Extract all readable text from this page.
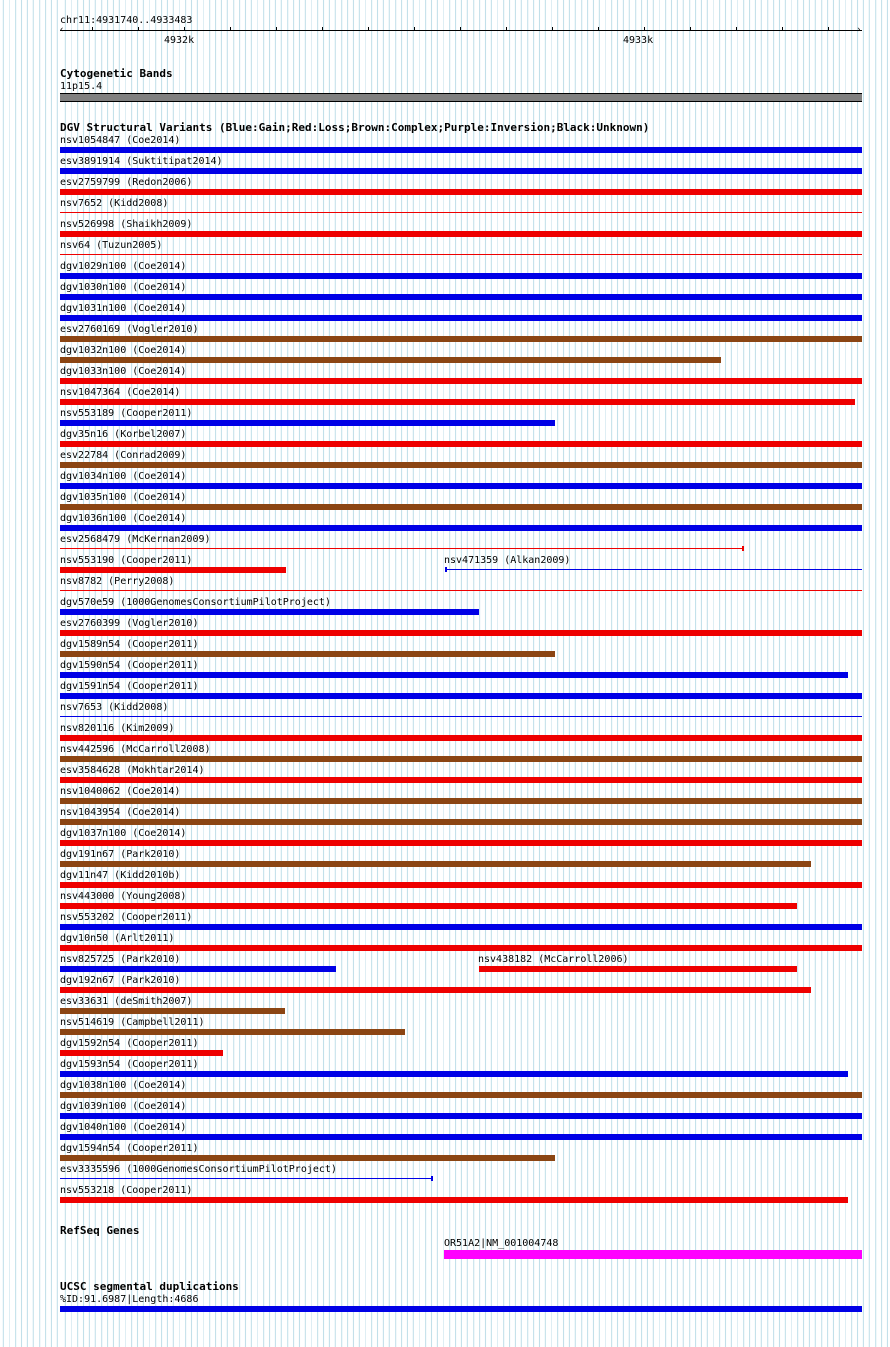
chr11:4931740..4933483
‹	›
4932k	4933k
Cytogenetic Bands
11p15.4
DGV Structural Variants (Blue:Gain;Red:Loss;Brown:Complex;Purple:Inversion;Black:Unknown)
nsv1054847 (Coe2014)
esv3891914 (Suktitipat2014)
esv2759799 (Redon2006)
nsv7652 (Kidd2008)
nsv526998 (Shaikh2009)
nsv64 (Tuzun2005)
dgv1029n100 (Coe2014)
dgv1030n100 (Coe2014)
dgv1031n100 (Coe2014)
esv2760169 (Vogler2010)
dgv1032n100 (Coe2014)
dgv1033n100 (Coe2014)
nsv1047364 (Coe2014)
nsv553189 (Cooper2011)
dgv35n16 (Korbel2007)
esv22784 (Conrad2009)
dgv1034n100 (Coe2014)
dgv1035n100 (Coe2014)
dgv1036n100 (Coe2014)
esv2568479 (McKernan2009)
nsv553190 (Cooper2011)	nsv471359 (Alkan2009)
nsv8782 (Perry2008)
dgv570e59 (1000GenomesConsortiumPilotProject)
esv2760399 (Vogler2010)
dgv1589n54 (Cooper2011)
dgv1590n54 (Cooper2011)
dgv1591n54 (Cooper2011)
nsv7653 (Kidd2008)
nsv820116 (Kim2009)
nsv442596 (McCarroll2008)
esv3584628 (Mokhtar2014)
nsv1040062 (Coe2014)
nsv1043954 (Coe2014)
dgv1037n100 (Coe2014)
dgv191n67 (Park2010)
dgv11n47 (Kidd2010b)
nsv443000 (Young2008)
nsv553202 (Cooper2011)
dgv10n50 (Arlt2011)
nsv825725 (Park2010)	nsv438182 (McCarroll2006)
dgv192n67 (Park2010)
esv33631 (deSmith2007)
nsv514619 (Campbell2011)
dgv1592n54 (Cooper2011)
dgv1593n54 (Cooper2011)
dgv1038n100 (Coe2014)
dgv1039n100 (Coe2014)
dgv1040n100 (Coe2014)
dgv1594n54 (Cooper2011)
esv3335596 (1000GenomesConsortiumPilotProject)
nsv553218 (Cooper2011)
RefSeq Genes
OR51A2|NM_001004748
UCSC segmental duplications
%ID:91.6987|Length:4686
